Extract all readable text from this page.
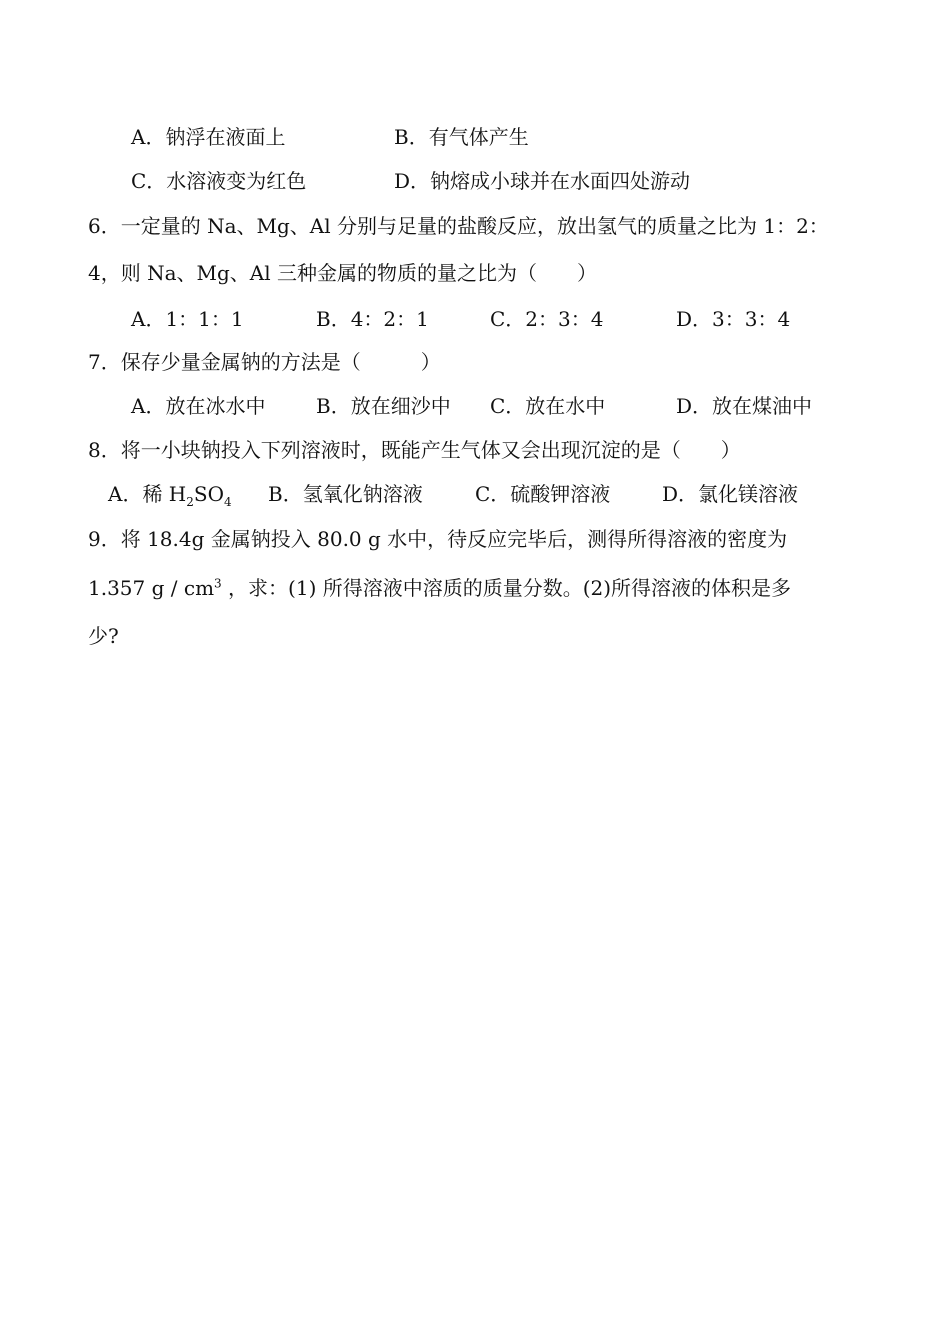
A．钠浮在液面上	B．有气体产生
C．水溶液变为红色	D．钠熔成小球并在水面四处游动
6．一定量的 Na、Mg、Al 分别与足量的盐酸反应，放出氢气的质量之比为 1：2：
4，则 Na、Mg、Al 三种金属的物质的量之比为（　　）
A．1：1：1	B．4：2：1	C．2：3：4	D．3：3：4
7．保存少量金属钠的方法是（　　　）
A．放在冰水中	B．放在细沙中 C．放在水中	D．放在煤油中
8．将一小块钠投入下列溶液时，既能产生气体又会出现沉淀的是（　　）
A．稀 $H_2SO_4$ B．氢氧化钠溶液	C．硫酸钾溶液	D．氯化镁溶液
9．将 18.4g 金属钠投入 80.0 g 水中，待反应完毕后，测得所得溶液的密度为
1.357 g / $cm^3$ ，求：(1) 所得溶液中溶质的质量分数。(2)所得溶液的体积是多
少?
